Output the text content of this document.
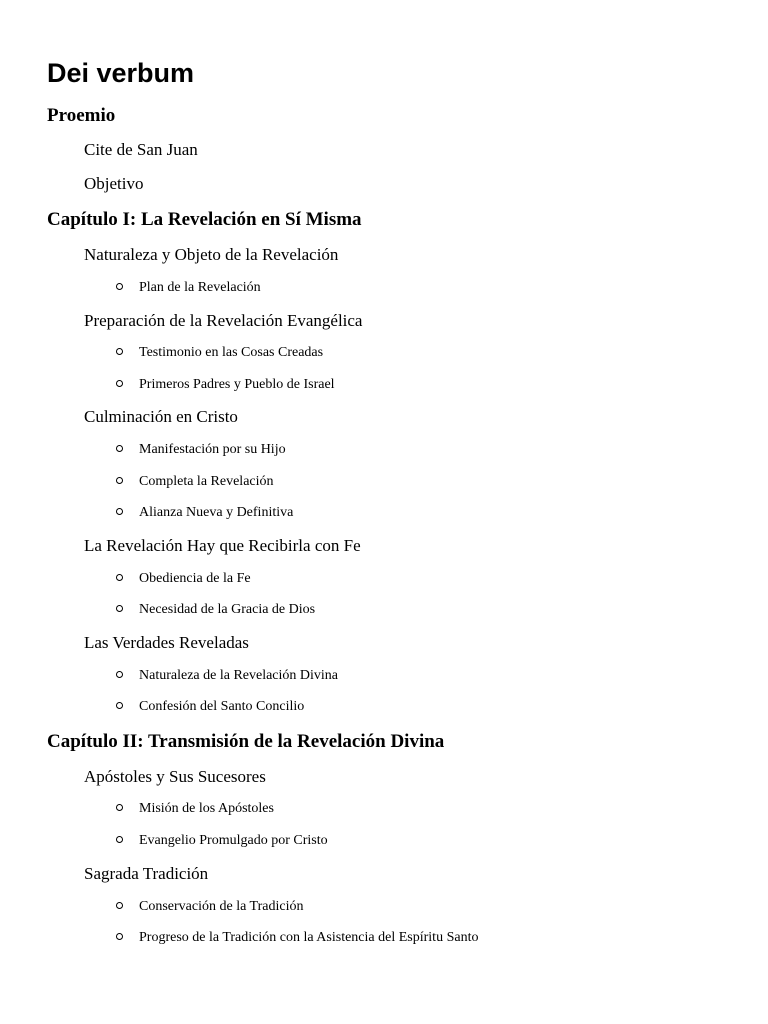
Dei verbum
Proemio

Cite de San Juan

Objetivo

Capítulo I: La Revelación en Sí Misma

Naturaleza y Objeto de la Revelación

Plan de la Revelación

Preparación de la Revelación Evangélica

Testimonio en las Cosas Creadas
Primeros Padres y Pueblo de Israel

Culminación en Cristo

Manifestación por su Hijo
Completa la Revelación
Alianza Nueva y Definitiva

La Revelación Hay que Recibirla con Fe

Obediencia de la Fe
Necesidad de la Gracia de Dios

Las Verdades Reveladas

Naturaleza de la Revelación Divina
Confesión del Santo Concilio
Capítulo II: Transmisión de la Revelación Divina

Apóstoles y Sus Sucesores

Misión de los Apóstoles
Evangelio Promulgado por Cristo

Sagrada Tradición

Conservación de la Tradición
Progreso de la Tradición con la Asistencia del Espíritu Santo
